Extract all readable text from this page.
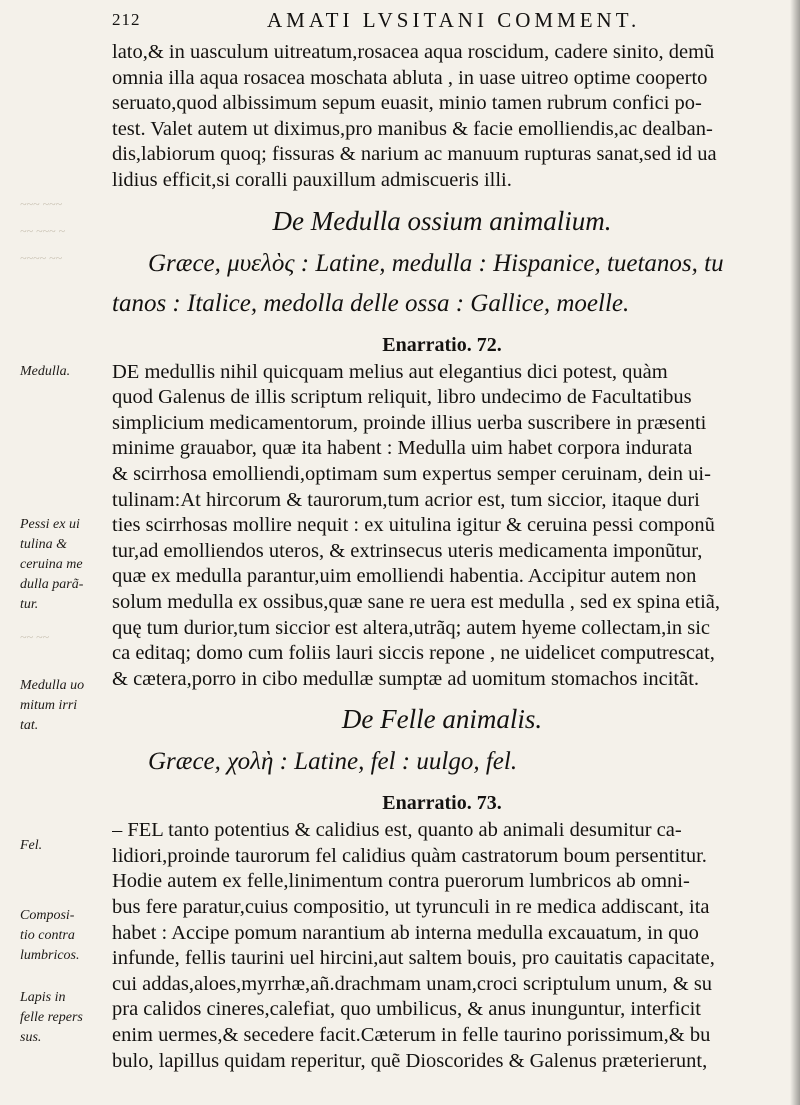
212	AMATI LVSITANI COMMENT.
~~~ ~~~
~~ ~~~ ~
~~~~ ~~
~~ ~~
Medulla.
Pessi ex ui
tulina &
ceruina me
dulla parã-
tur.
Medulla uo
mitum irri
tat.
Fel.
Composi-
tio contra
lumbricos.
Lapis in
felle repers
sus.
lato,& in uasculum uitreatum,rosacea aqua roscidum, cadere sinito, demũ
omnia illa aqua rosacea moschata abluta , in uase uitreo optime cooperto
seruato,quod albissimum sepum euasit, minio tamen rubrum confici po-
test. Valet autem ut diximus,pro manibus & facie emolliendis,ac dealban-
dis,labiorum quoq; fissuras & narium ac manuum rupturas sanat,sed id ua
lidius efficit,si coralli pauxillum admiscueris illi.
De Medulla ossium animalium.
Græce, μυελὸς : Latine, medulla : Hispanice, tuetanos, tu
tanos : Italice, medolla delle ossa : Gallice, moelle.
Enarratio. 72.
DE medullis nihil quicquam melius aut elegantius dici potest, quàm
quod Galenus de illis scriptum reliquit, libro undecimo de Facultatibus
simplicium medicamentorum, proinde illius uerba suscribere in præsenti
minime grauabor, quæ ita habent : Medulla uim habet corpora indurata
& scirrhosa emolliendi,optimam sum expertus semper ceruinam, dein ui-
tulinam:At hircorum & taurorum,tum acrior est, tum siccior, itaque duri
ties scirrhosas mollire nequit : ex uitulina igitur & ceruina pessi componũ
tur,ad emolliendos uteros, & extrinsecus uteris medicamenta imponũtur,
quæ ex medulla parantur,uim emolliendi habentia. Accipitur autem non
solum medulla ex ossibus,quæ sane re uera est medulla , sed ex spina etiã,
quę tum durior,tum siccior est altera,utrãq; autem hyeme collectam,in sic
ca editaq; domo cum foliis lauri siccis repone , ne uidelicet computrescat,
& cætera,porro in cibo medullæ sumptæ ad uomitum stomachos incitãt.
De Felle animalis.
Græce, χολὴ : Latine, fel : uulgo, fel.
Enarratio. 73.
– FEL tanto potentius & calidius est, quanto ab animali desumitur ca-
lidiori,proinde taurorum fel calidius quàm castratorum boum persentitur.
Hodie autem ex felle,linimentum contra puerorum lumbricos ab omni-
bus fere paratur,cuius compositio, ut tyrunculi in re medica addiscant, ita
habet : Accipe pomum narantium ab interna medulla excauatum, in quo
infunde, fellis taurini uel hircini,aut saltem bouis, pro cauitatis capacitate,
cui addas,aloes,myrrhæ,añ.drachmam unam,croci scriptulum unum, & su
pra calidos cineres,calefiat, quo umbilicus, & anus inunguntur, interficit
enim uermes,& secedere facit.Cæterum in felle taurino porissimum,& bu
bulo, lapillus quidam reperitur, quẽ Dioscorides & Galenus præterierunt,
